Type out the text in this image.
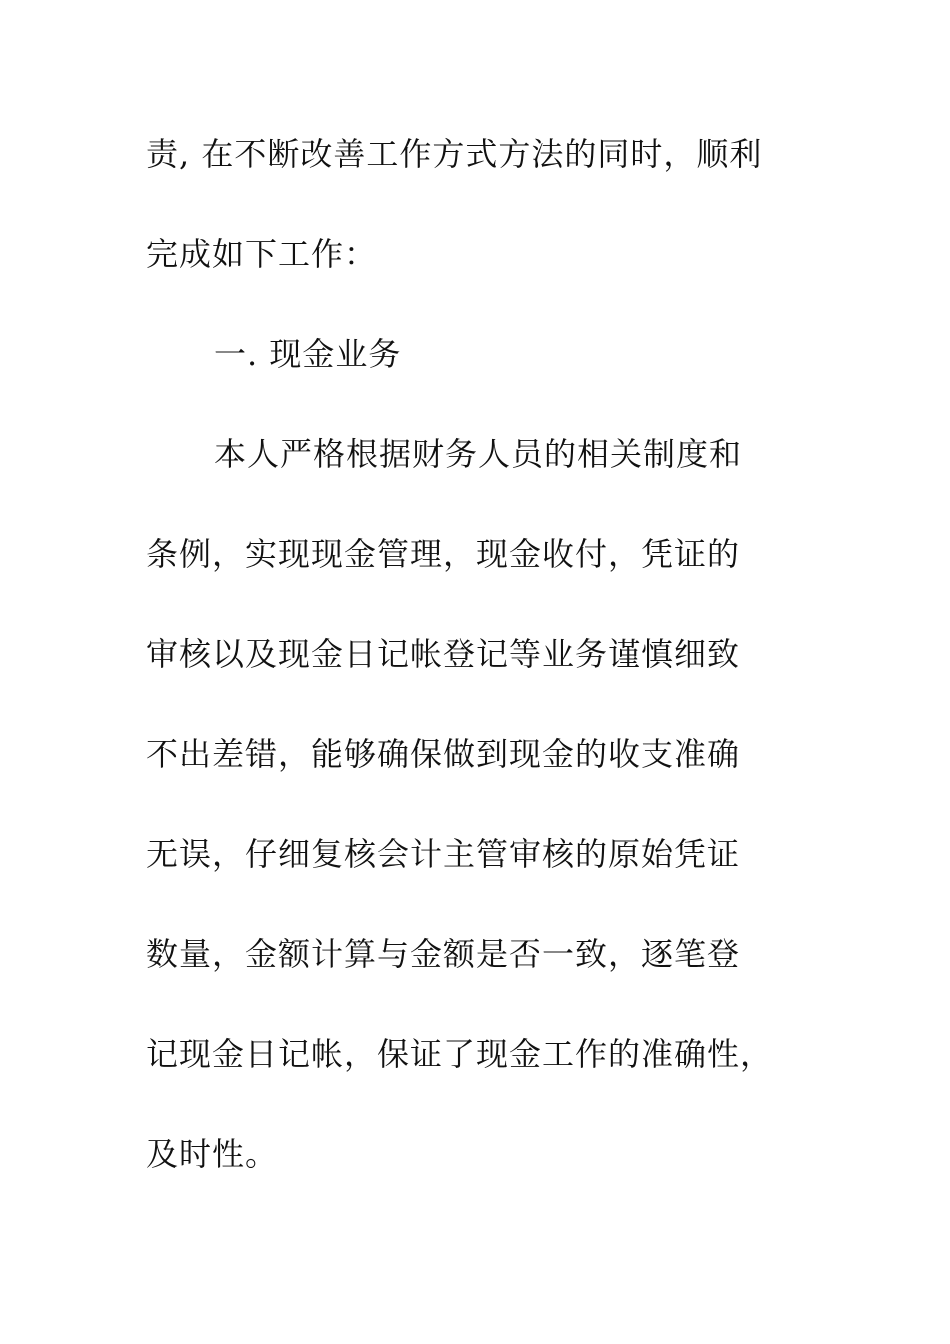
责, 在不断改善工作方式方法的同时，顺利
完成如下工作：
一. 现金业务
本人严格根据财务人员的相关制度和
条例，实现现金管理，现金收付，凭证的
审核以及现金日记帐登记等业务谨慎细致
不出差错，能够确保做到现金的收支准确
无误，仔细复核会计主管审核的原始凭证
数量，金额计算与金额是否一致，逐笔登
记现金日记帐，保证了现金工作的准确性，
及时性。
